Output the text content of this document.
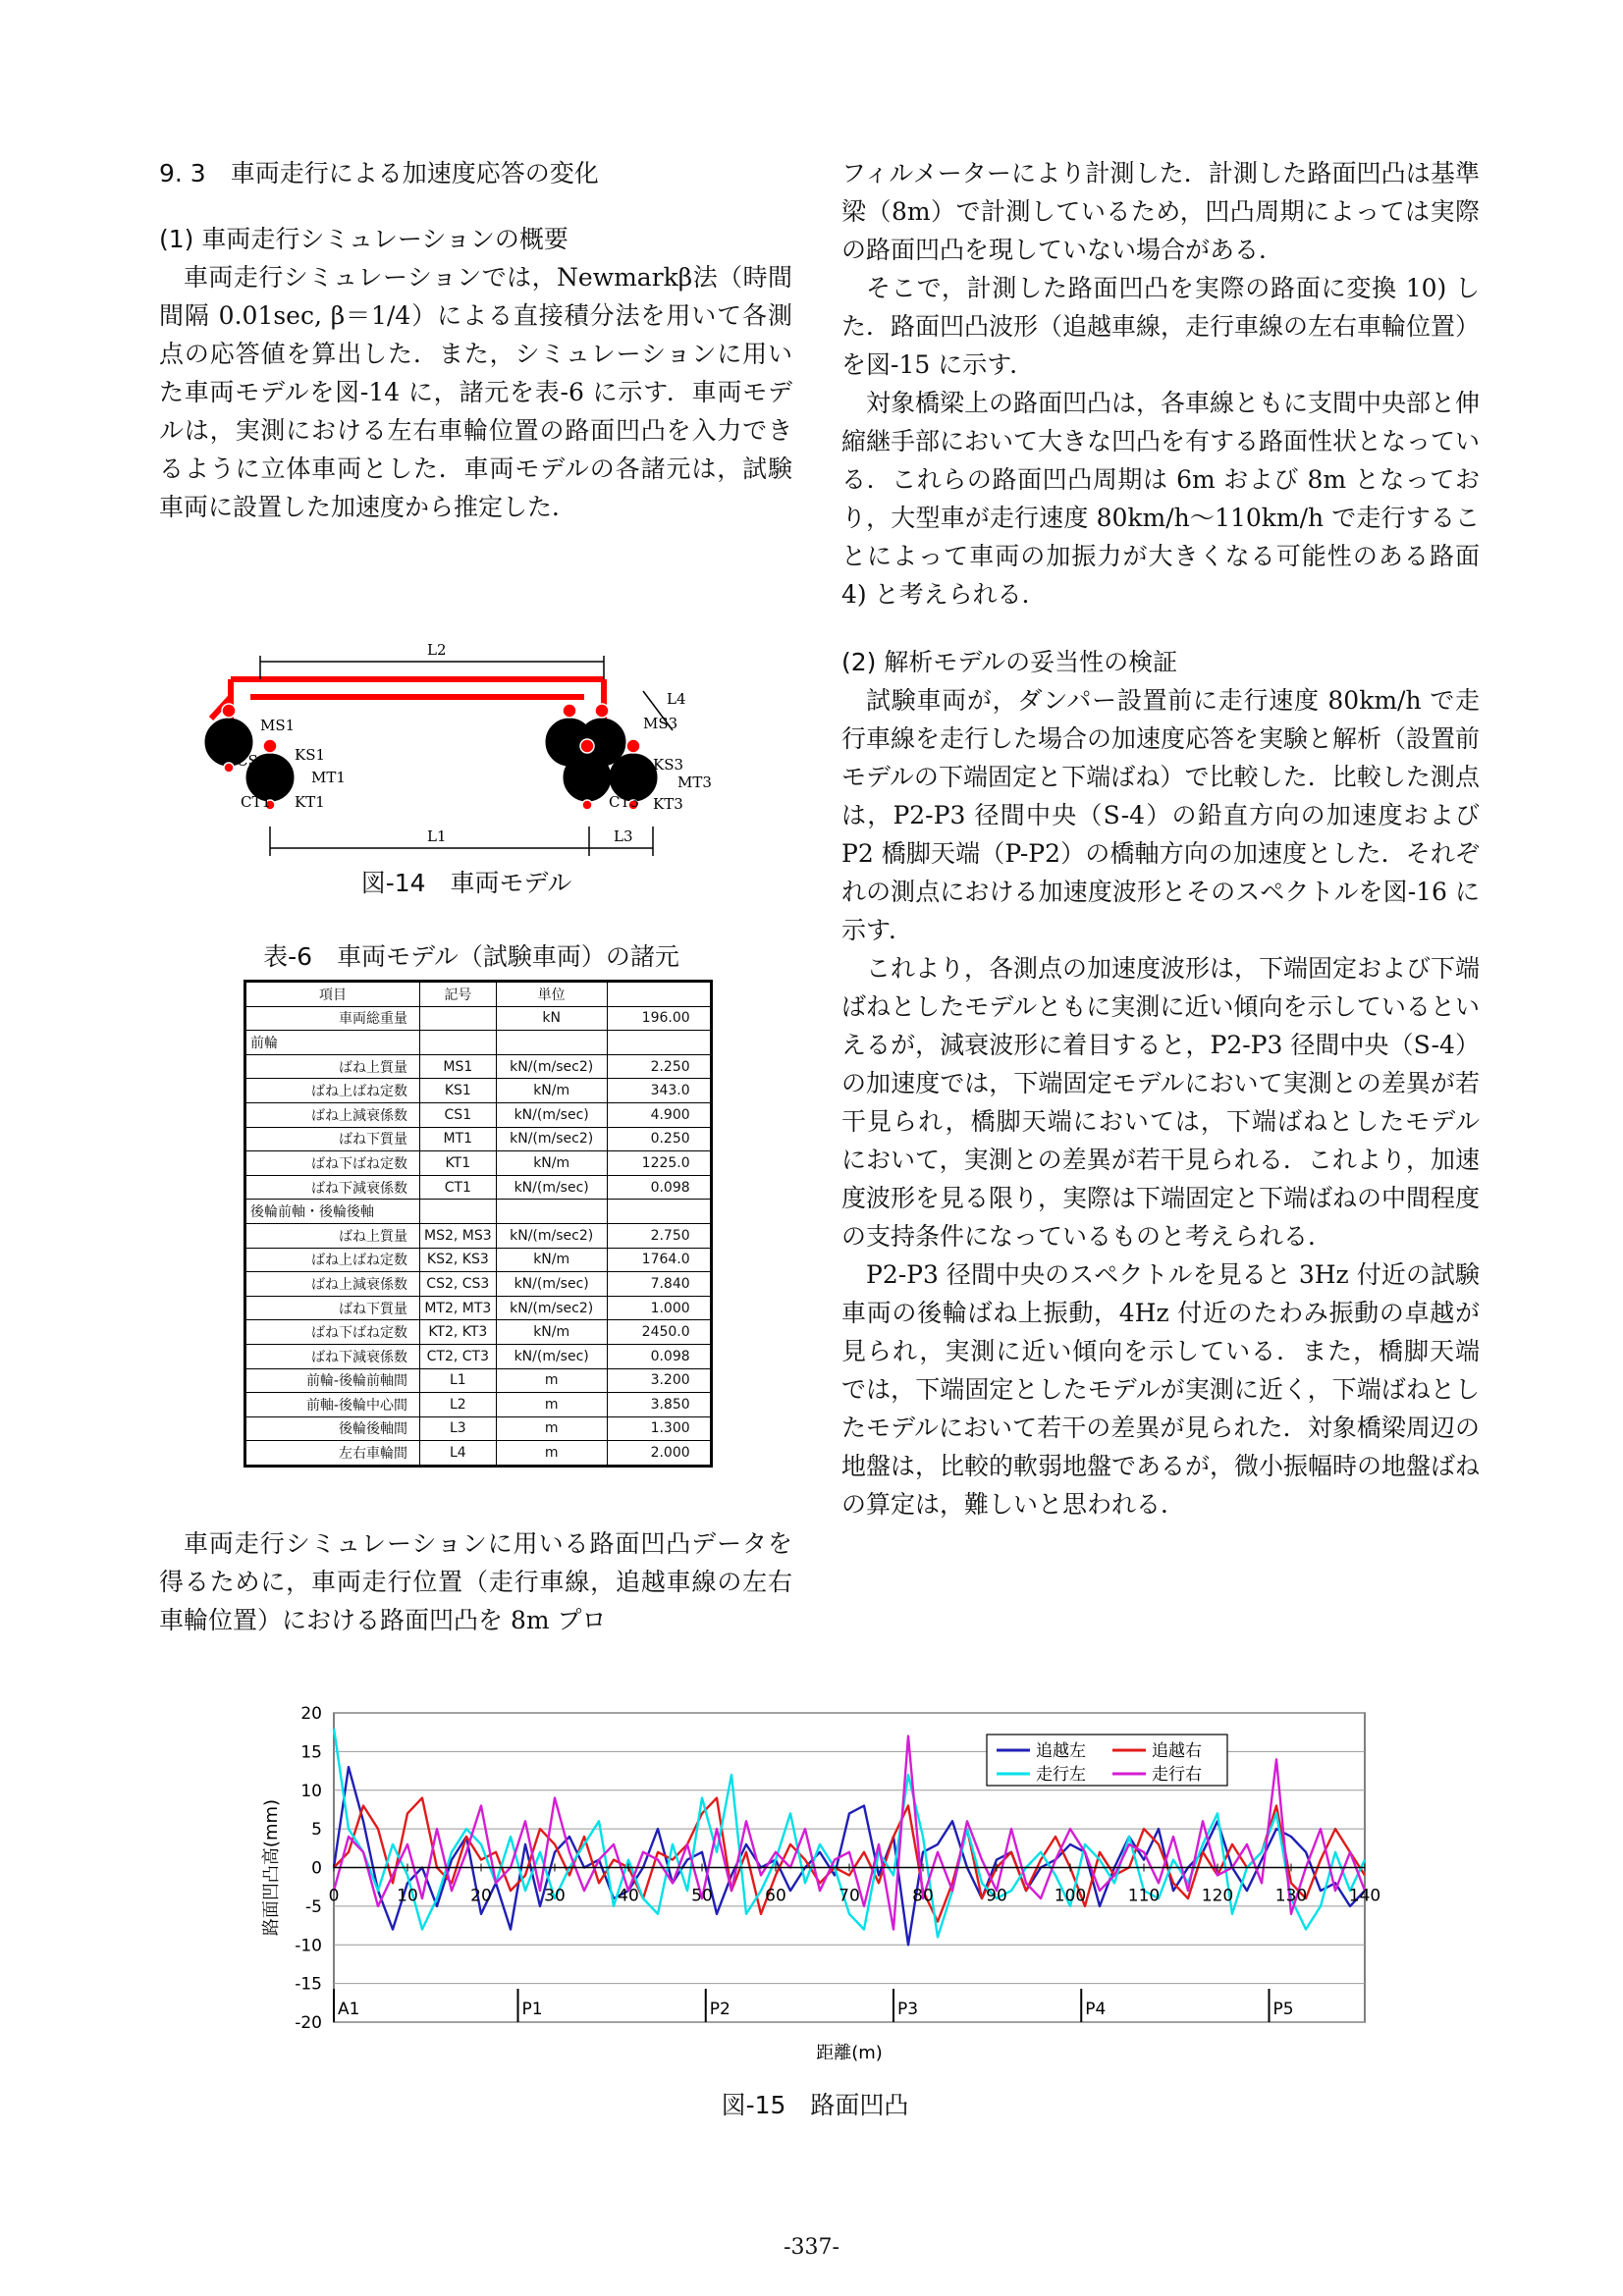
9. 3　車両走行による加速度応答の変化

(1) 車両走行シミュレーションの概要

車両走行シミュレーションでは，Newmarkβ法（時間間隔 0.01sec, β＝1/4）による直接積分法を用いて各測点の応答値を算出した．また，シミュレーションに用いた車両モデルを図-14 に，諸元を表-6 に示す．車両モデルは，実測における左右車輪位置の路面凹凸を入力できるように立体車両とした．車両モデルの各諸元は，試験車両に設置した加速度から推定した．

L2
L1	L3
L4
MS1
KS1
CS1
MT1
CT1 KT1
MS3
KS3
MT3
CT3 KT3
図-14　車両モデル
表-6　車両モデル（試験車両）の諸元
項目	記号	単位	
車両総重量		kN	196.00
前輪			
ばね上質量	MS1	kN/(m/sec2)	2.250
ばね上ばね定数	KS1	kN/m	343.0
ばね上減衰係数	CS1	kN/(m/sec)	4.900
ばね下質量	MT1	kN/(m/sec2)	0.250
ばね下ばね定数	KT1	kN/m	1225.0
ばね下減衰係数	CT1	kN/(m/sec)	0.098
後輪前軸・後輪後軸			
ばね上質量	MS2, MS3	kN/(m/sec2)	2.750
ばね上ばね定数	KS2, KS3	kN/m	1764.0
ばね上減衰係数	CS2, CS3	kN/(m/sec)	7.840
ばね下質量	MT2, MT3	kN/(m/sec2)	1.000
ばね下ばね定数	KT2, KT3	kN/m	2450.0
ばね下減衰係数	CT2, CT3	kN/(m/sec)	0.098
前輪-後輪前軸間	L1	m	3.200
前軸-後輪中心間	L2	m	3.850
後輪後軸間	L3	m	1.300
左右車輪間	L4	m	2.000

車両走行シミュレーションに用いる路面凹凸データを得るために，車両走行位置（走行車線，追越車線の左右車輪位置）における路面凹凸を 8m プロ

フィルメーターにより計測した．計測した路面凹凸は基準梁（8m）で計測しているため，凹凸周期によっては実際の路面凹凸を現していない場合がある．

そこで，計測した路面凹凸を実際の路面に変換 10) した．路面凹凸波形（追越車線，走行車線の左右車輪位置）を図-15 に示す．

対象橋梁上の路面凹凸は，各車線ともに支間中央部と伸縮継手部において大きな凹凸を有する路面性状となっている．これらの路面凹凸周期は 6m および 8m となっており，大型車が走行速度 80km/h～110km/h で走行することによって車両の加振力が大きくなる可能性のある路面 4) と考えられる．

(2) 解析モデルの妥当性の検証

試験車両が，ダンパー設置前に走行速度 80km/h で走行車線を走行した場合の加速度応答を実験と解析（設置前モデルの下端固定と下端ばね）で比較した．比較した測点は，P2-P3 径間中央（S-4）の鉛直方向の加速度および P2 橋脚天端（P-P2）の橋軸方向の加速度とした．それぞれの測点における加速度波形とそのスペクトルを図-16 に示す．

これより，各測点の加速度波形は，下端固定および下端ばねとしたモデルともに実測に近い傾向を示しているといえるが，減衰波形に着目すると，P2-P3 径間中央（S-4）の加速度では，下端固定モデルにおいて実測との差異が若干見られ，橋脚天端においては，下端ばねとしたモデルにおいて，実測との差異が若干見られる．これより，加速度波形を見る限り，実際は下端固定と下端ばねの中間程度の支持条件になっているものと考えられる．

P2-P3 径間中央のスペクトルを見ると 3Hz 付近の試験車両の後輪ばね上振動，4Hz 付近のたわみ振動の卓越が見られ，実測に近い傾向を示している．また，橋脚天端では，下端固定としたモデルが実測に近く，下端ばねとしたモデルにおいて若干の差異が見られた．対象橋梁周辺の地盤は，比較的軟弱地盤であるが，微小振幅時の地盤ばねの算定は，難しいと思われる．

20
15
10
5
0
-5
-10
-15
-20
0	10	20	30	40	50	60	70	80	90	100	110	120	130	140
A1	P1	P2	P3	P4	P5
距離(m)
路面凹凸高(mm)
追越左	追越右
走行左	走行右
図-15　路面凹凸
-337-
